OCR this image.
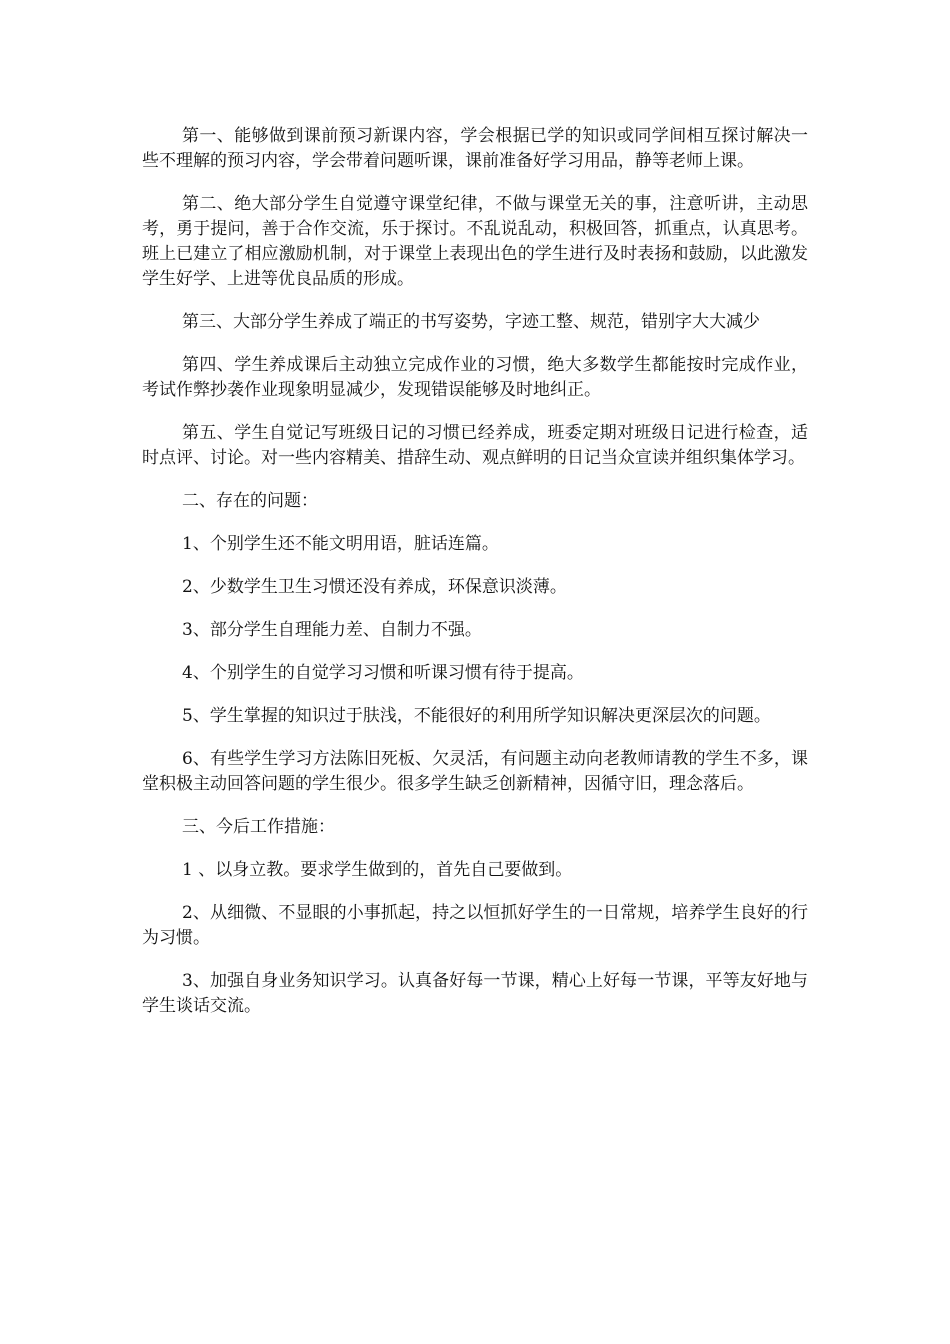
第一、能够做到课前预习新课内容，学会根据已学的知识或同学间相互探讨解决一些不理解的预习内容，学会带着问题听课，课前准备好学习用品，静等老师上课。

第二、绝大部分学生自觉遵守课堂纪律，不做与课堂无关的事，注意听讲，主动思考，勇于提问，善于合作交流，乐于探讨。不乱说乱动，积极回答，抓重点，认真思考。班上已建立了相应激励机制，对于课堂上表现出色的学生进行及时表扬和鼓励，以此激发学生好学、上进等优良品质的形成。

第三、大部分学生养成了端正的书写姿势，字迹工整、规范，错别字大大减少

第四、学生养成课后主动独立完成作业的习惯，绝大多数学生都能按时完成作业，考试作弊抄袭作业现象明显减少，发现错误能够及时地纠正。

第五、学生自觉记写班级日记的习惯已经养成，班委定期对班级日记进行检查，适时点评、讨论。对一些内容精美、措辞生动、观点鲜明的日记当众宣读并组织集体学习。

二、存在的问题：

1、个别学生还不能文明用语，脏话连篇。

2、少数学生卫生习惯还没有养成，环保意识淡薄。

3、部分学生自理能力差、自制力不强。

4、个别学生的自觉学习习惯和听课习惯有待于提高。

5、学生掌握的知识过于肤浅，不能很好的利用所学知识解决更深层次的问题。

6、有些学生学习方法陈旧死板、欠灵活，有问题主动向老教师请教的学生不多，课堂积极主动回答问题的学生很少。很多学生缺乏创新精神，因循守旧，理念落后。

三、今后工作措施：

1 、以身立教。要求学生做到的，首先自己要做到。

2、从细微、不显眼的小事抓起，持之以恒抓好学生的一日常规，培养学生良好的行为习惯。

3、加强自身业务知识学习。认真备好每一节课，精心上好每一节课，平等友好地与学生谈话交流。
